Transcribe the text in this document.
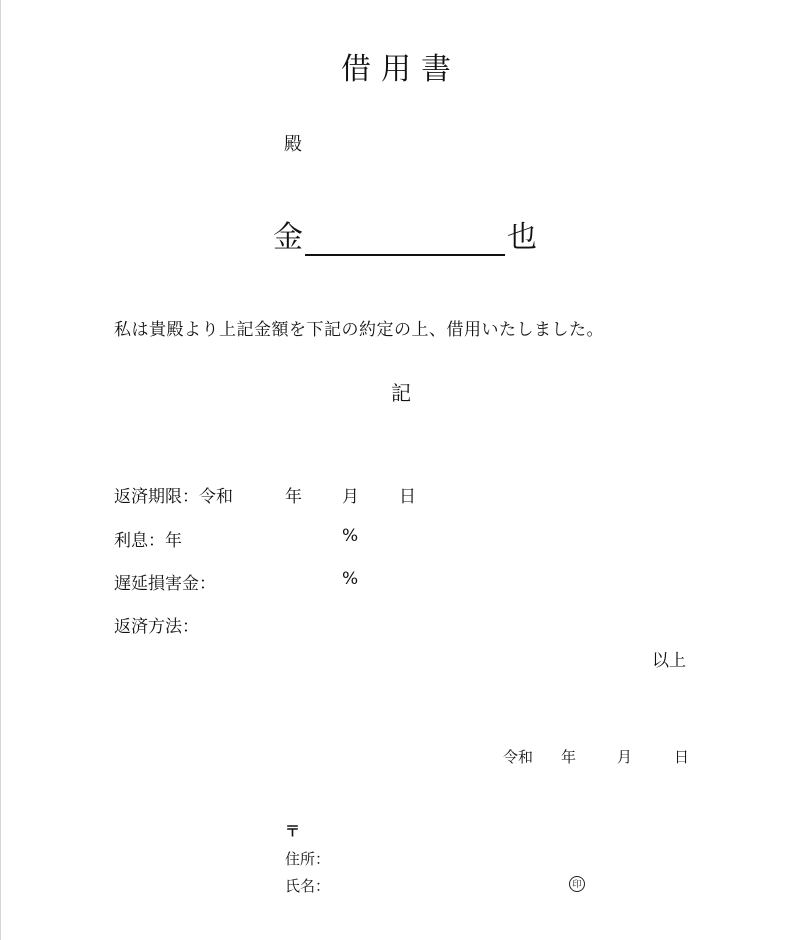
借用書
殿
金	也
私は貴殿より上記金額を下記の約定の上、借用いたしました。
記
返済期限：令和	年 月 日
利息：年	%
遅延損害金：	%
返済方法：
以上
令和 年	月	日
〒
住所：
氏名：	印
